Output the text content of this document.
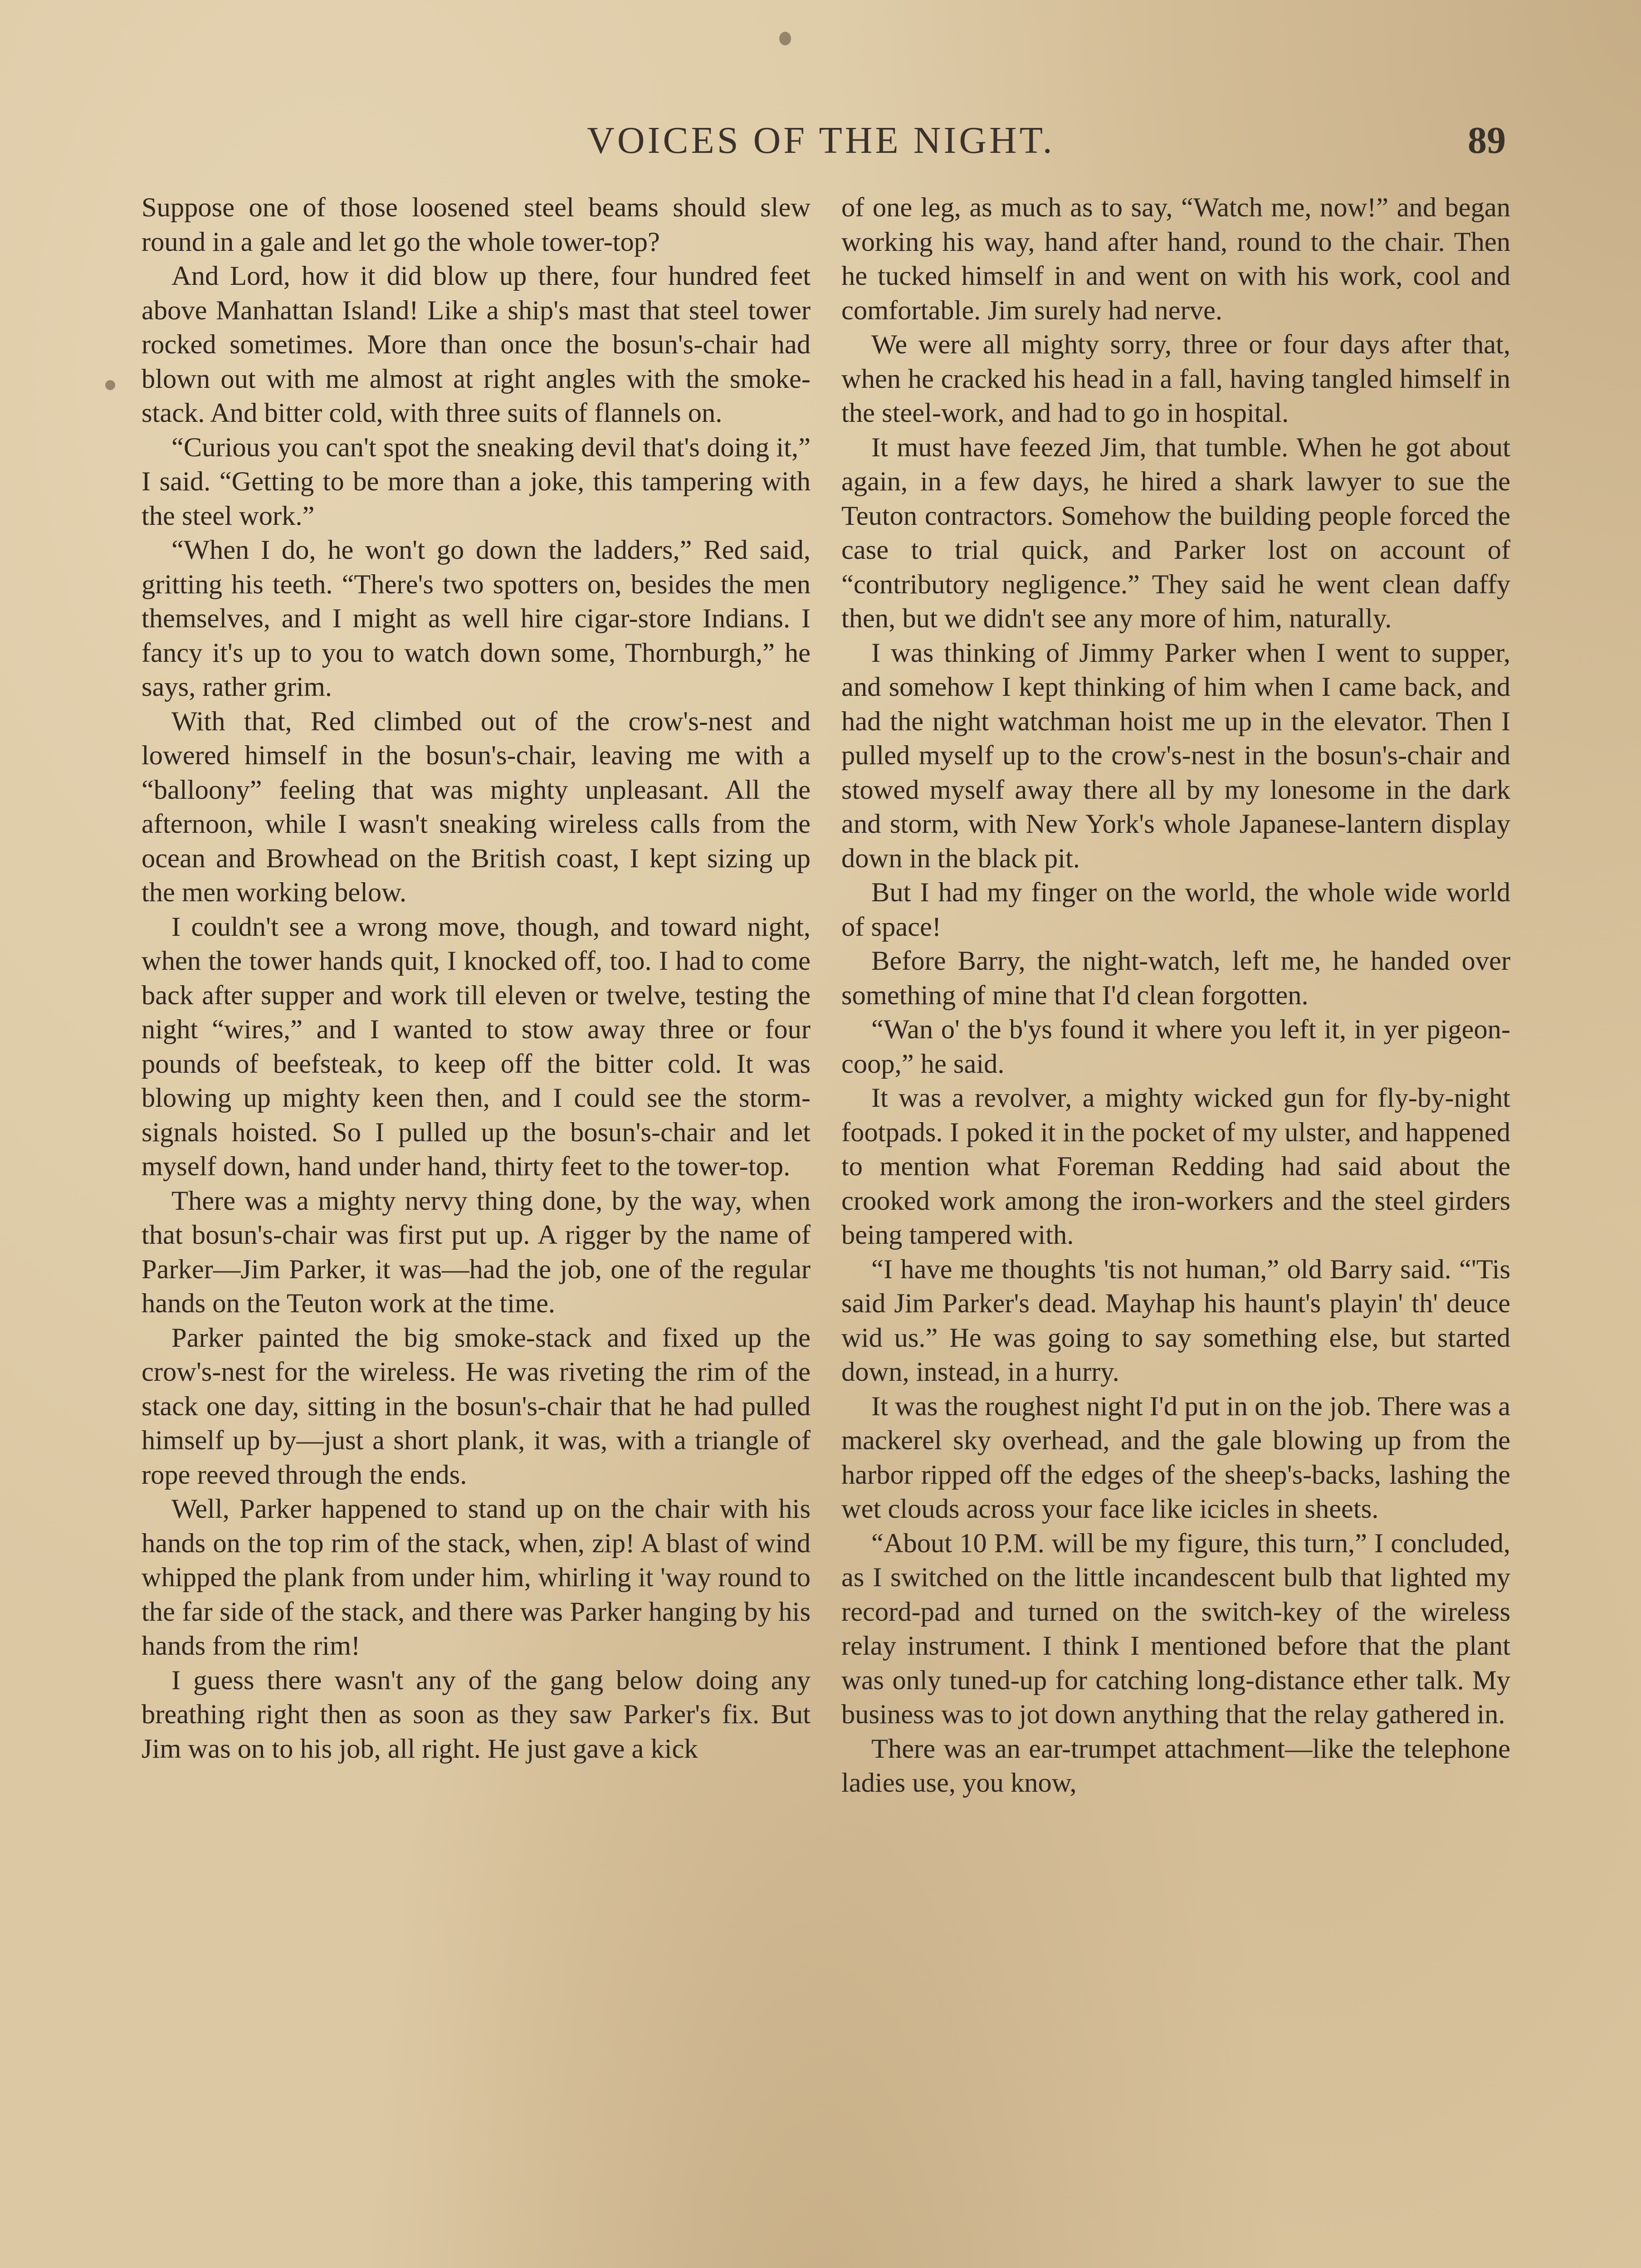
VOICES OF THE NIGHT.	89

Suppose one of those loosened steel beams should slew round in a gale and let go the whole tower-top?

And Lord, how it did blow up there, four hundred feet above Manhattan Island! Like a ship's mast that steel tower rocked sometimes. More than once the bosun's-chair had blown out with me almost at right angles with the smoke-stack. And bitter cold, with three suits of flannels on.

“Curious you can't spot the sneaking devil that's doing it,” I said. “Getting to be more than a joke, this tampering with the steel work.”

“When I do, he won't go down the ladders,” Red said, gritting his teeth. “There's two spotters on, besides the men themselves, and I might as well hire cigar-store Indians. I fancy it's up to you to watch down some, Thornburgh,” he says, rather grim.

With that, Red climbed out of the crow's-nest and lowered himself in the bosun's-chair, leaving me with a “balloony” feeling that was mighty unpleasant. All the afternoon, while I wasn't sneaking wireless calls from the ocean and Browhead on the British coast, I kept sizing up the men working below.

I couldn't see a wrong move, though, and toward night, when the tower hands quit, I knocked off, too. I had to come back after supper and work till eleven or twelve, testing the night “wires,” and I wanted to stow away three or four pounds of beefsteak, to keep off the bitter cold. It was blowing up mighty keen then, and I could see the storm-signals hoisted. So I pulled up the bosun's-chair and let myself down, hand under hand, thirty feet to the tower-top.

There was a mighty nervy thing done, by the way, when that bosun's-chair was first put up. A rigger by the name of Parker—Jim Parker, it was—had the job, one of the regular hands on the Teuton work at the time.

Parker painted the big smoke-stack and fixed up the crow's-nest for the wireless. He was riveting the rim of the stack one day, sitting in the bosun's-chair that he had pulled himself up by—just a short plank, it was, with a triangle of rope reeved through the ends.

Well, Parker happened to stand up on the chair with his hands on the top rim of the stack, when, zip! A blast of wind whipped the plank from under him, whirling it 'way round to the far side of the stack, and there was Parker hanging by his hands from the rim!

I guess there wasn't any of the gang below doing any breathing right then as soon as they saw Parker's fix. But Jim was on to his job, all right. He just gave a kick

of one leg, as much as to say, “Watch me, now!” and began working his way, hand after hand, round to the chair. Then he tucked himself in and went on with his work, cool and comfortable. Jim surely had nerve.

We were all mighty sorry, three or four days after that, when he cracked his head in a fall, having tangled himself in the steel-work, and had to go in hospital.

It must have feezed Jim, that tumble. When he got about again, in a few days, he hired a shark lawyer to sue the Teuton contractors. Somehow the building people forced the case to trial quick, and Parker lost on account of “contributory negligence.” They said he went clean daffy then, but we didn't see any more of him, naturally.

I was thinking of Jimmy Parker when I went to supper, and somehow I kept thinking of him when I came back, and had the night watchman hoist me up in the elevator. Then I pulled myself up to the crow's-nest in the bosun's-chair and stowed myself away there all by my lonesome in the dark and storm, with New York's whole Japanese-lantern display down in the black pit.

But I had my finger on the world, the whole wide world of space!

Before Barry, the night-watch, left me, he handed over something of mine that I'd clean forgotten.

“Wan o' the b'ys found it where you left it, in yer pigeon-coop,” he said.

It was a revolver, a mighty wicked gun for fly-by-night footpads. I poked it in the pocket of my ulster, and happened to mention what Foreman Redding had said about the crooked work among the iron-workers and the steel girders being tampered with.

“I have me thoughts 'tis not human,” old Barry said. “'Tis said Jim Parker's dead. Mayhap his haunt's playin' th' deuce wid us.” He was going to say something else, but started down, instead, in a hurry.

It was the roughest night I'd put in on the job. There was a mackerel sky overhead, and the gale blowing up from the harbor ripped off the edges of the sheep's-backs, lashing the wet clouds across your face like icicles in sheets.

“About 10 P.M. will be my figure, this turn,” I concluded, as I switched on the little incandescent bulb that lighted my record-pad and turned on the switch-key of the wireless relay instrument. I think I mentioned before that the plant was only tuned-up for catching long-distance ether talk. My business was to jot down anything that the relay gathered in.

There was an ear-trumpet attachment—like the telephone ladies use, you know,
